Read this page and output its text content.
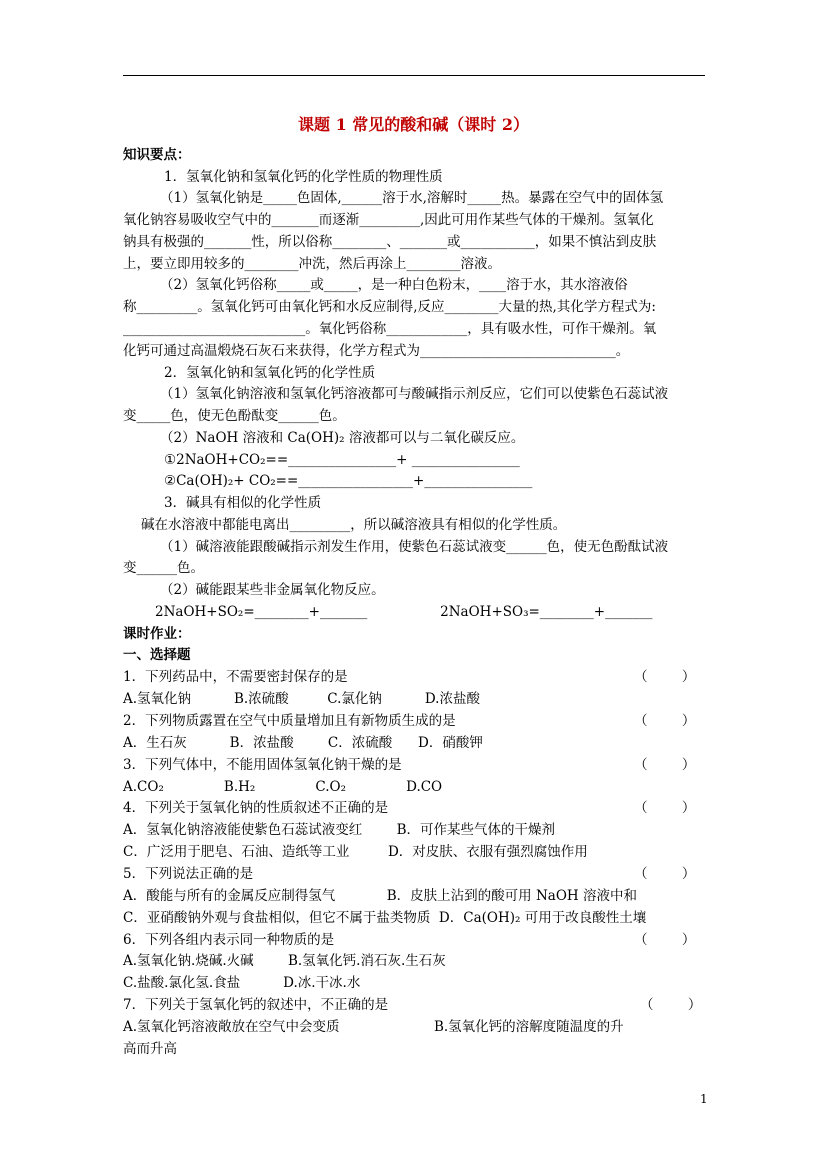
课题 1 常见的酸和碱（课时 2）
知识要点：
1．氢氧化钠和氢氧化钙的化学性质的物理性质
（1）氢氧化钠是_____色固体,______溶于水,溶解时_____热。暴露在空气中的固体氢
氧化钠容易吸收空气中的_______而逐渐_________,因此可用作某些气体的干燥剂。氢氧化
钠具有极强的_______性，所以俗称________、_______或___________，如果不慎沾到皮肤
上，要立即用较多的________冲洗，然后再涂上________溶液。
（2）氢氧化钙俗称_____或_____，是一种白色粉末，____溶于水，其水溶液俗
称_________。氢氧化钙可由氧化钙和水反应制得,反应________大量的热,其化学方程式为:
___________________________。氧化钙俗称____________，具有吸水性，可作干燥剂。氧
化钙可通过高温煅烧石灰石来获得，化学方程式为_____________________________。
2．氢氧化钠和氢氧化钙的化学性质
（1）氢氧化钠溶液和氢氧化钙溶液都可与酸碱指示剂反应，它们可以使紫色石蕊试液
变_____色，使无色酚酞变______色。
（2）NaOH 溶液和 Ca(OH)₂ 溶液都可以与二氧化碳反应。
①2NaOH+CO₂==________________+ ________________
②Ca(OH)₂+ CO₂==_________________+________________
3．碱具有相似的化学性质
碱在水溶液中都能电离出_________，所以碱溶液具有相似的化学性质。
（1）碱溶液能跟酸碱指示剂发生作用，使紫色石蕊试液变______色，使无色酚酞试液
变______色。
（2）碱能跟某些非金属氧化物反应。
2NaOH+SO₂=________+_______                 2NaOH+SO₃=________+_______
课时作业：
一、选择题
1．下列药品中，不需要密封保存的是	（        ）
A.氢氧化钠          B.浓硫酸         C.氯化钠          D.浓盐酸
2．下列物质露置在空气中质量增加且有新物质生成的是	（        ）
A．生石灰          B．浓盐酸        C．浓硫酸      D．硝酸钾
3．下列气体中，不能用固体氢氧化钠干燥的是	（        ）
A.CO₂              B.H₂              C.O₂              D.CO
4．下列关于氢氧化钠的性质叙述不正确的是	（        ）
A．氢氧化钠溶液能使紫色石蕊试液变红        B．可作某些气体的干燥剂
C．广泛用于肥皂、石油、造纸等工业         D．对皮肤、衣服有强烈腐蚀作用
5．下列说法正确的是	（        ）
A．酸能与所有的金属反应制得氢气            B．皮肤上沾到的酸可用 NaOH 溶液中和
C．亚硝酸钠外观与食盐相似，但它不属于盐类物质  D．Ca(OH)₂ 可用于改良酸性土壤
6．下列各组内表示同一种物质的是	（        ）
A.氢氧化钠.烧碱.火碱        B.氢氧化钙.消石灰.生石灰
C.盐酸.氯化氢.食盐          D.冰.干冰.水
7．下列关于氢氧化钙的叙述中，不正确的是	（        ）
A.氢氧化钙溶液敞放在空气中会变质                      B.氢氧化钙的溶解度随温度的升
高而升高
1
